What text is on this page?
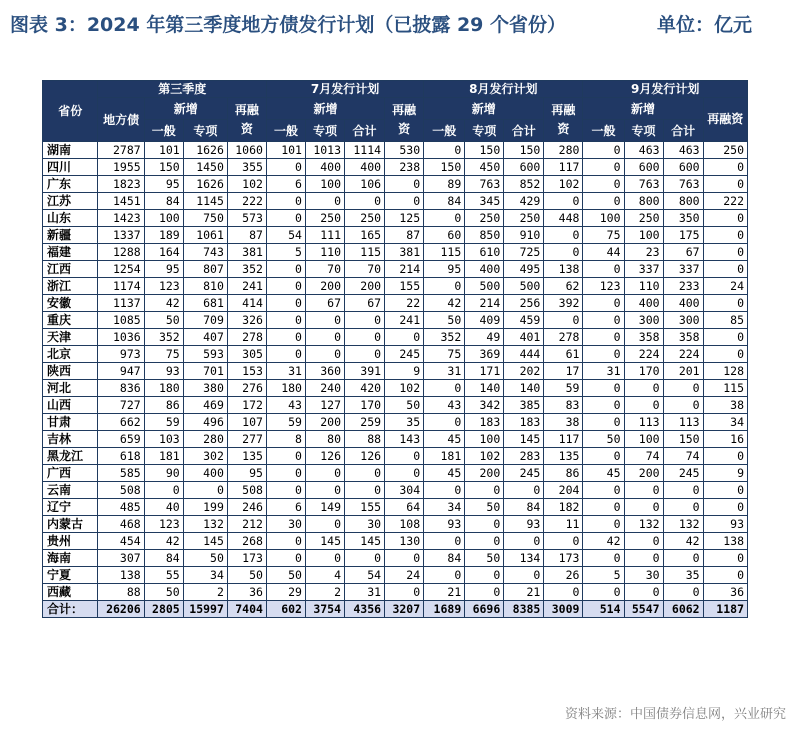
图表 3：2024 年第三季度地方债发行计划（已披露 29 个省份）	单位：亿元
省份	第三季度				7月发行计划				8月发行计划				9月发行计划			
	地方债	新增		再融资	新增			再融资	新增			再融资	新增			再融资
		一般	专项		一般	专项	合计		一般	专项	合计		一般	专项	合计	
湖南	2787	101	1626	1060	101	1013	1114	530	0	150	150	280	0	463	463	250
四川	1955	150	1450	355	0	400	400	238	150	450	600	117	0	600	600	0
广东	1823	95	1626	102	6	100	106	0	89	763	852	102	0	763	763	0
江苏	1451	84	1145	222	0	0	0	0	84	345	429	0	0	800	800	222
山东	1423	100	750	573	0	250	250	125	0	250	250	448	100	250	350	0
新疆	1337	189	1061	87	54	111	165	87	60	850	910	0	75	100	175	0
福建	1288	164	743	381	5	110	115	381	115	610	725	0	44	23	67	0
江西	1254	95	807	352	0	70	70	214	95	400	495	138	0	337	337	0
浙江	1174	123	810	241	0	200	200	155	0	500	500	62	123	110	233	24
安徽	1137	42	681	414	0	67	67	22	42	214	256	392	0	400	400	0
重庆	1085	50	709	326	0	0	0	241	50	409	459	0	0	300	300	85
天津	1036	352	407	278	0	0	0	0	352	49	401	278	0	358	358	0
北京	973	75	593	305	0	0	0	245	75	369	444	61	0	224	224	0
陕西	947	93	701	153	31	360	391	9	31	171	202	17	31	170	201	128
河北	836	180	380	276	180	240	420	102	0	140	140	59	0	0	0	115
山西	727	86	469	172	43	127	170	50	43	342	385	83	0	0	0	38
甘肃	662	59	496	107	59	200	259	35	0	183	183	38	0	113	113	34
吉林	659	103	280	277	8	80	88	143	45	100	145	117	50	100	150	16
黑龙江	618	181	302	135	0	126	126	0	181	102	283	135	0	74	74	0
广西	585	90	400	95	0	0	0	0	45	200	245	86	45	200	245	9
云南	508	0	0	508	0	0	0	304	0	0	0	204	0	0	0	0
辽宁	485	40	199	246	6	149	155	64	34	50	84	182	0	0	0	0
内蒙古	468	123	132	212	30	0	30	108	93	0	93	11	0	132	132	93
贵州	454	42	145	268	0	145	145	130	0	0	0	0	42	0	42	138
海南	307	84	50	173	0	0	0	0	84	50	134	173	0	0	0	0
宁夏	138	55	34	50	50	4	54	24	0	0	0	26	5	30	35	0
西藏	88	50	2	36	29	2	31	0	21	0	21	0	0	0	0	36
合计：	26206	2805	15997	7404	602	3754	4356	3207	1689	6696	8385	3009	514	5547	6062	1187
资料来源：中国债券信息网，兴业研究
